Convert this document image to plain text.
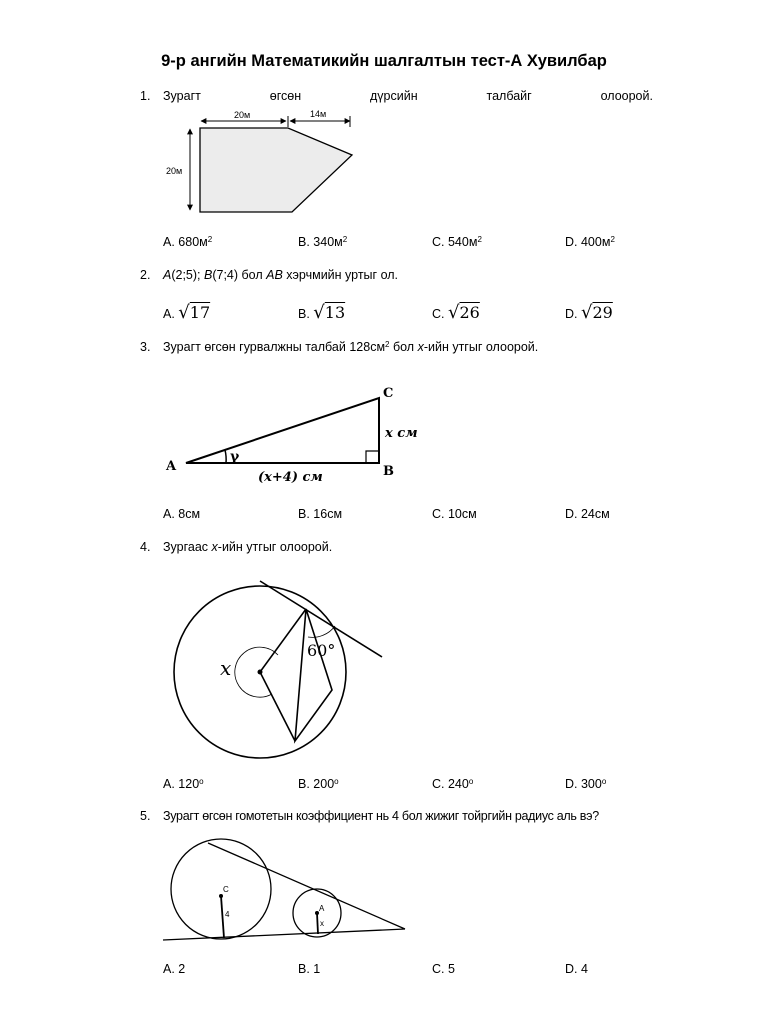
9-р ангийн Математикийн шалгалтын тест-А Хувилбар
1. Зурагт	өгсөн	дүрсийн	талбайг	олоорой.
20м	14м
20м
A. $680м^2$	B. $340м^2$	C. $540м^2$	D. $400м^2$
2. A(2;5); B(7;4) бол AB хэрчмийн уртыг ол.
A. √17	B. √13	C. √26	D. √29
3. Зурагт өгсөн гурвалжны талбай $128см^2$ бол x-ийн утгыг олоорой.
γ
A	B
C
x см
(x+4) см
A. 8см	B. 16см	C. 10см	D. 24см
4. Зургаас x-ийн утгыг олоорой.
x
60°
A. 120$^o$	B. 200$^o$	C. 240$^o$	D. 300$^o$
5. Зурагт өгсөн гомотетын коэффициент нь 4 бол жижиг тойргийн радиус аль вэ?
C
4
A
x
A. 2	B. 1	C. 5	D. 4
